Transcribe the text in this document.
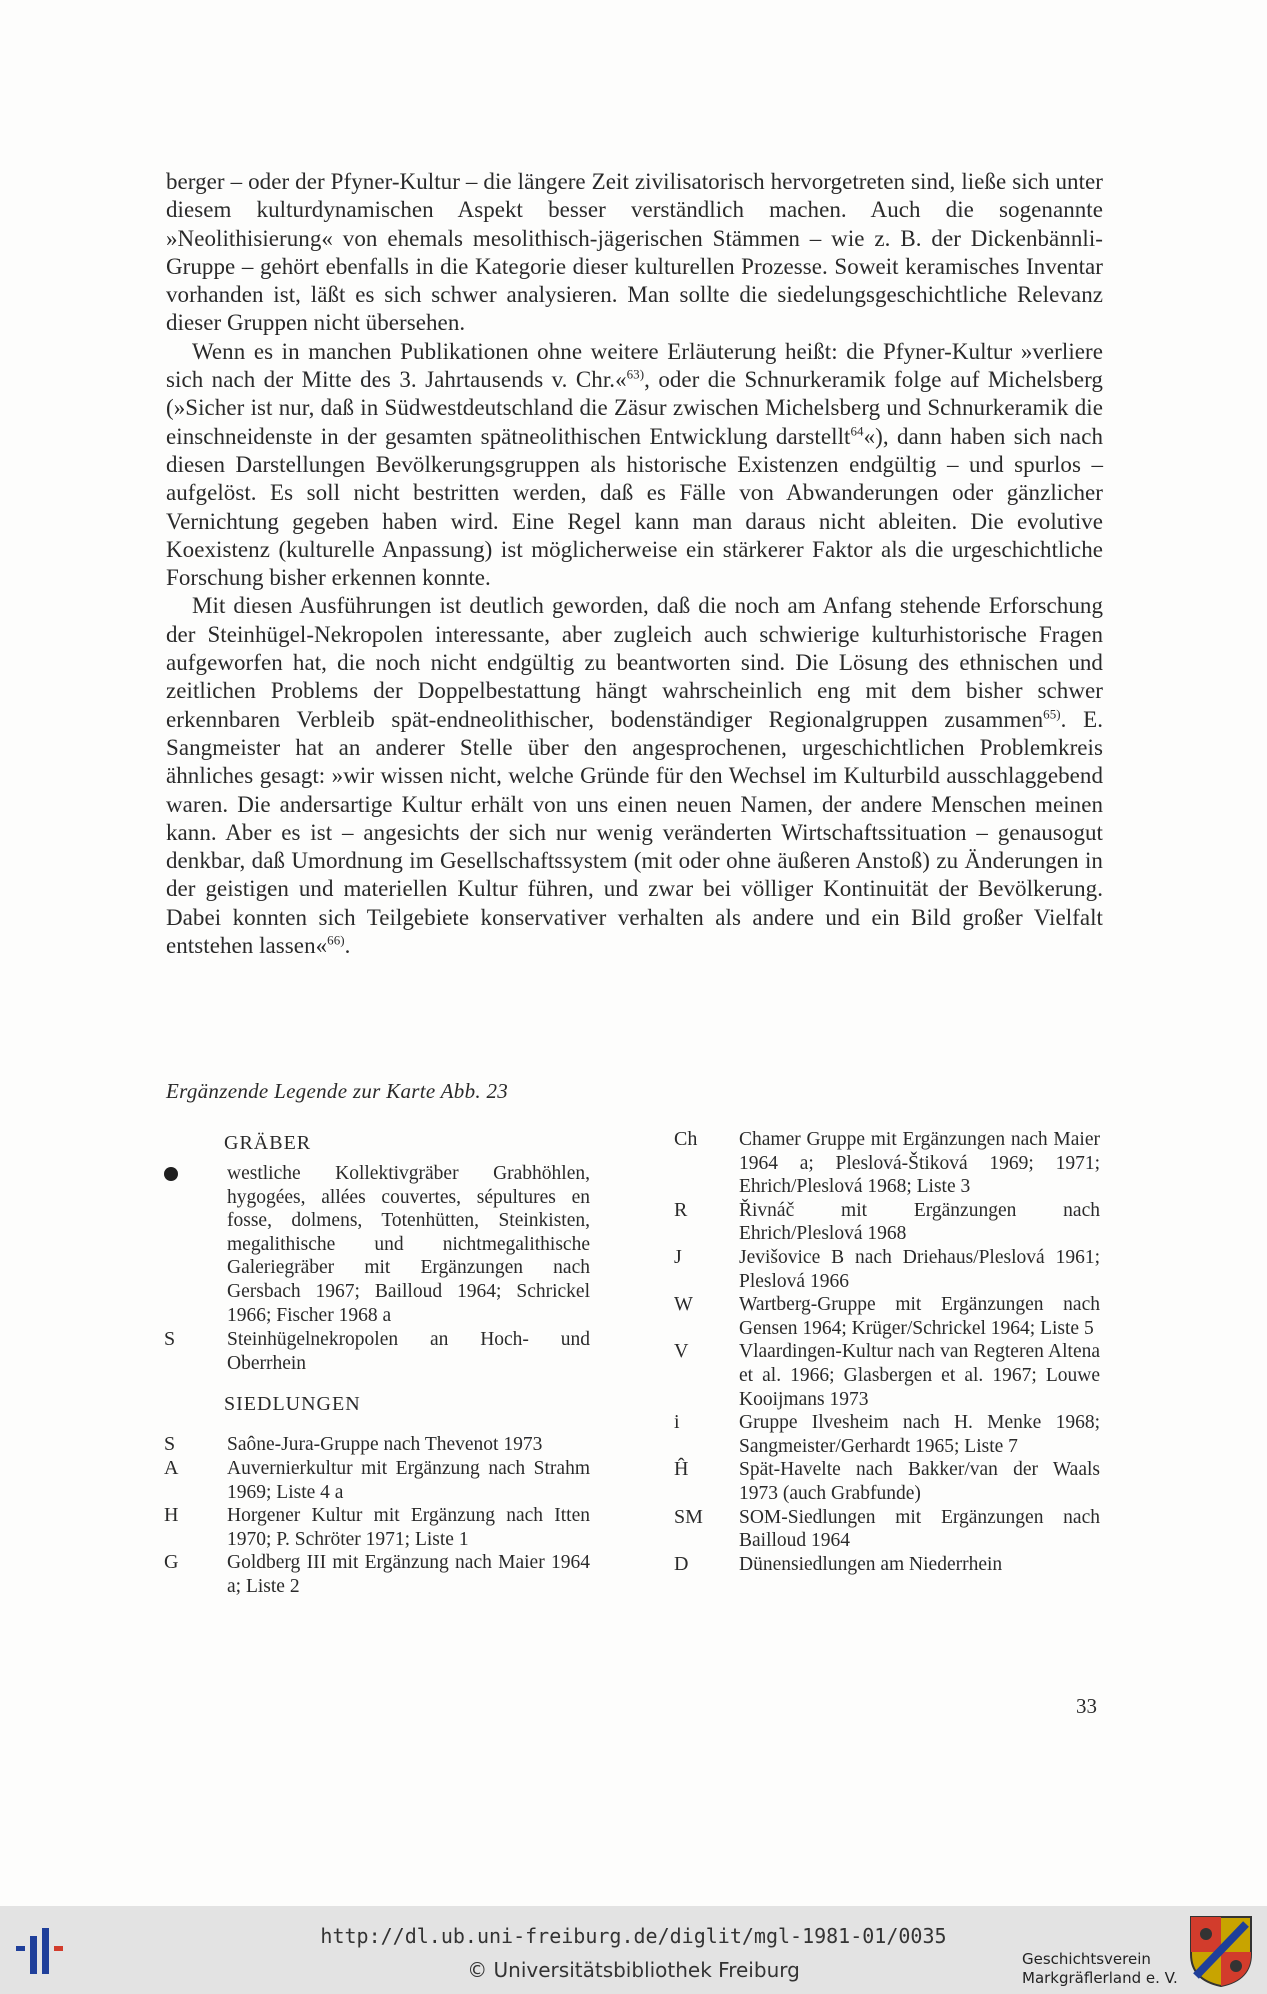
berger – oder der Pfyner-Kultur – die längere Zeit zivilisatorisch hervorgetreten sind, ließe sich unter diesem kulturdynamischen Aspekt besser verständlich machen. Auch die sogenannte »Neolithisierung« von ehemals mesolithisch-jägerischen Stämmen – wie z. B. der Dickenbännli-Gruppe – gehört ebenfalls in die Kategorie dieser kulturellen Prozesse. Soweit keramisches Inventar vorhanden ist, läßt es sich schwer analysieren. Man sollte die siedelungsgeschichtliche Relevanz dieser Gruppen nicht übersehen.

Wenn es in manchen Publikationen ohne weitere Erläuterung heißt: die Pfyner-Kultur »verliere sich nach der Mitte des 3. Jahrtausends v. Chr.«$^{63)}$, oder die Schnurkeramik folge auf Michelsberg (»Sicher ist nur, daß in Südwestdeutschland die Zäsur zwischen Michelsberg und Schnurkeramik die einschneidenste in der gesamten spätneolithischen Entwicklung darstellt$^{64}$«), dann haben sich nach diesen Darstellungen Bevölkerungsgruppen als historische Existenzen endgültig – und spurlos – aufgelöst. Es soll nicht bestritten werden, daß es Fälle von Abwanderungen oder gänzlicher Vernichtung gegeben haben wird. Eine Regel kann man daraus nicht ableiten. Die evolutive Koexistenz (kulturelle Anpassung) ist möglicherweise ein stärkerer Faktor als die urgeschichtliche Forschung bisher erkennen konnte.

Mit diesen Ausführungen ist deutlich geworden, daß die noch am Anfang stehende Erforschung der Steinhügel-Nekropolen interessante, aber zugleich auch schwierige kulturhistorische Fragen aufgeworfen hat, die noch nicht endgültig zu beantworten sind. Die Lösung des ethnischen und zeitlichen Problems der Doppelbestattung hängt wahrscheinlich eng mit dem bisher schwer erkennbaren Verbleib spät-endneolithischer, bodenständiger Regionalgruppen zusammen$^{65)}$. E. Sangmeister hat an anderer Stelle über den angesprochenen, urgeschichtlichen Problemkreis ähnliches gesagt: »wir wissen nicht, welche Gründe für den Wechsel im Kulturbild ausschlaggebend waren. Die andersartige Kultur erhält von uns einen neuen Namen, der andere Menschen meinen kann. Aber es ist – angesichts der sich nur wenig veränderten Wirtschaftssituation – genausogut denkbar, daß Umordnung im Gesellschaftssystem (mit oder ohne äußeren Anstoß) zu Änderungen in der geistigen und materiellen Kultur führen, und zwar bei völliger Kontinuität der Bevölkerung. Dabei konnten sich Teilgebiete konservativer verhalten als andere und ein Bild großer Vielfalt entstehen lassen«$^{66)}$.

Ergänzende Legende zur Karte Abb. 23
GRÄBER
westliche Kollektivgräber Grabhöhlen, hygogées, allées couvertes, sépultures en fosse, dolmens, Totenhütten, Steinkisten, megalithische und nichtmegalithische Galeriegräber mit Ergänzungen nach Gersbach 1967; Bailloud 1964; Schrickel 1966; Fischer 1968 a
S	Steinhügelnekropolen an Hoch- und Oberrhein
SIEDLUNGEN
S	Saône-Jura-Gruppe nach Thevenot 1973
A	Auvernierkultur mit Ergänzung nach Strahm 1969; Liste 4 a
H	Horgener Kultur mit Ergänzung nach Itten 1970; P. Schröter 1971; Liste 1
G	Goldberg III mit Ergänzung nach Maier 1964 a; Liste 2
Ch	Chamer Gruppe mit Ergänzungen nach Maier 1964 a; Pleslová-Štiková 1969; 1971; Ehrich/Pleslová 1968; Liste 3
R	Řivnáč mit Ergänzungen nach Ehrich/Pleslová 1968
J	Jevišovice B nach Driehaus/Pleslová 1961; Pleslová 1966
W	Wartberg-Gruppe mit Ergänzungen nach Gensen 1964; Krüger/Schrickel 1964; Liste 5
V	Vlaardingen-Kultur nach van Regteren Altena et al. 1966; Glasbergen et al. 1967; Louwe Kooijmans 1973
i	Gruppe Ilvesheim nach H. Menke 1968; Sangmeister/Gerhardt 1965; Liste 7
Ĥ	Spät-Havelte nach Bakker/van der Waals 1973 (auch Grabfunde)
SM	SOM-Siedlungen mit Ergänzungen nach Bailloud 1964
D	Dünensiedlungen am Niederrhein
33
http://dl.ub.uni-freiburg.de/diglit/mgl-1981-01/0035
© Universitätsbibliothek Freiburg	Geschichtsverein
Markgräflerland e. V.
